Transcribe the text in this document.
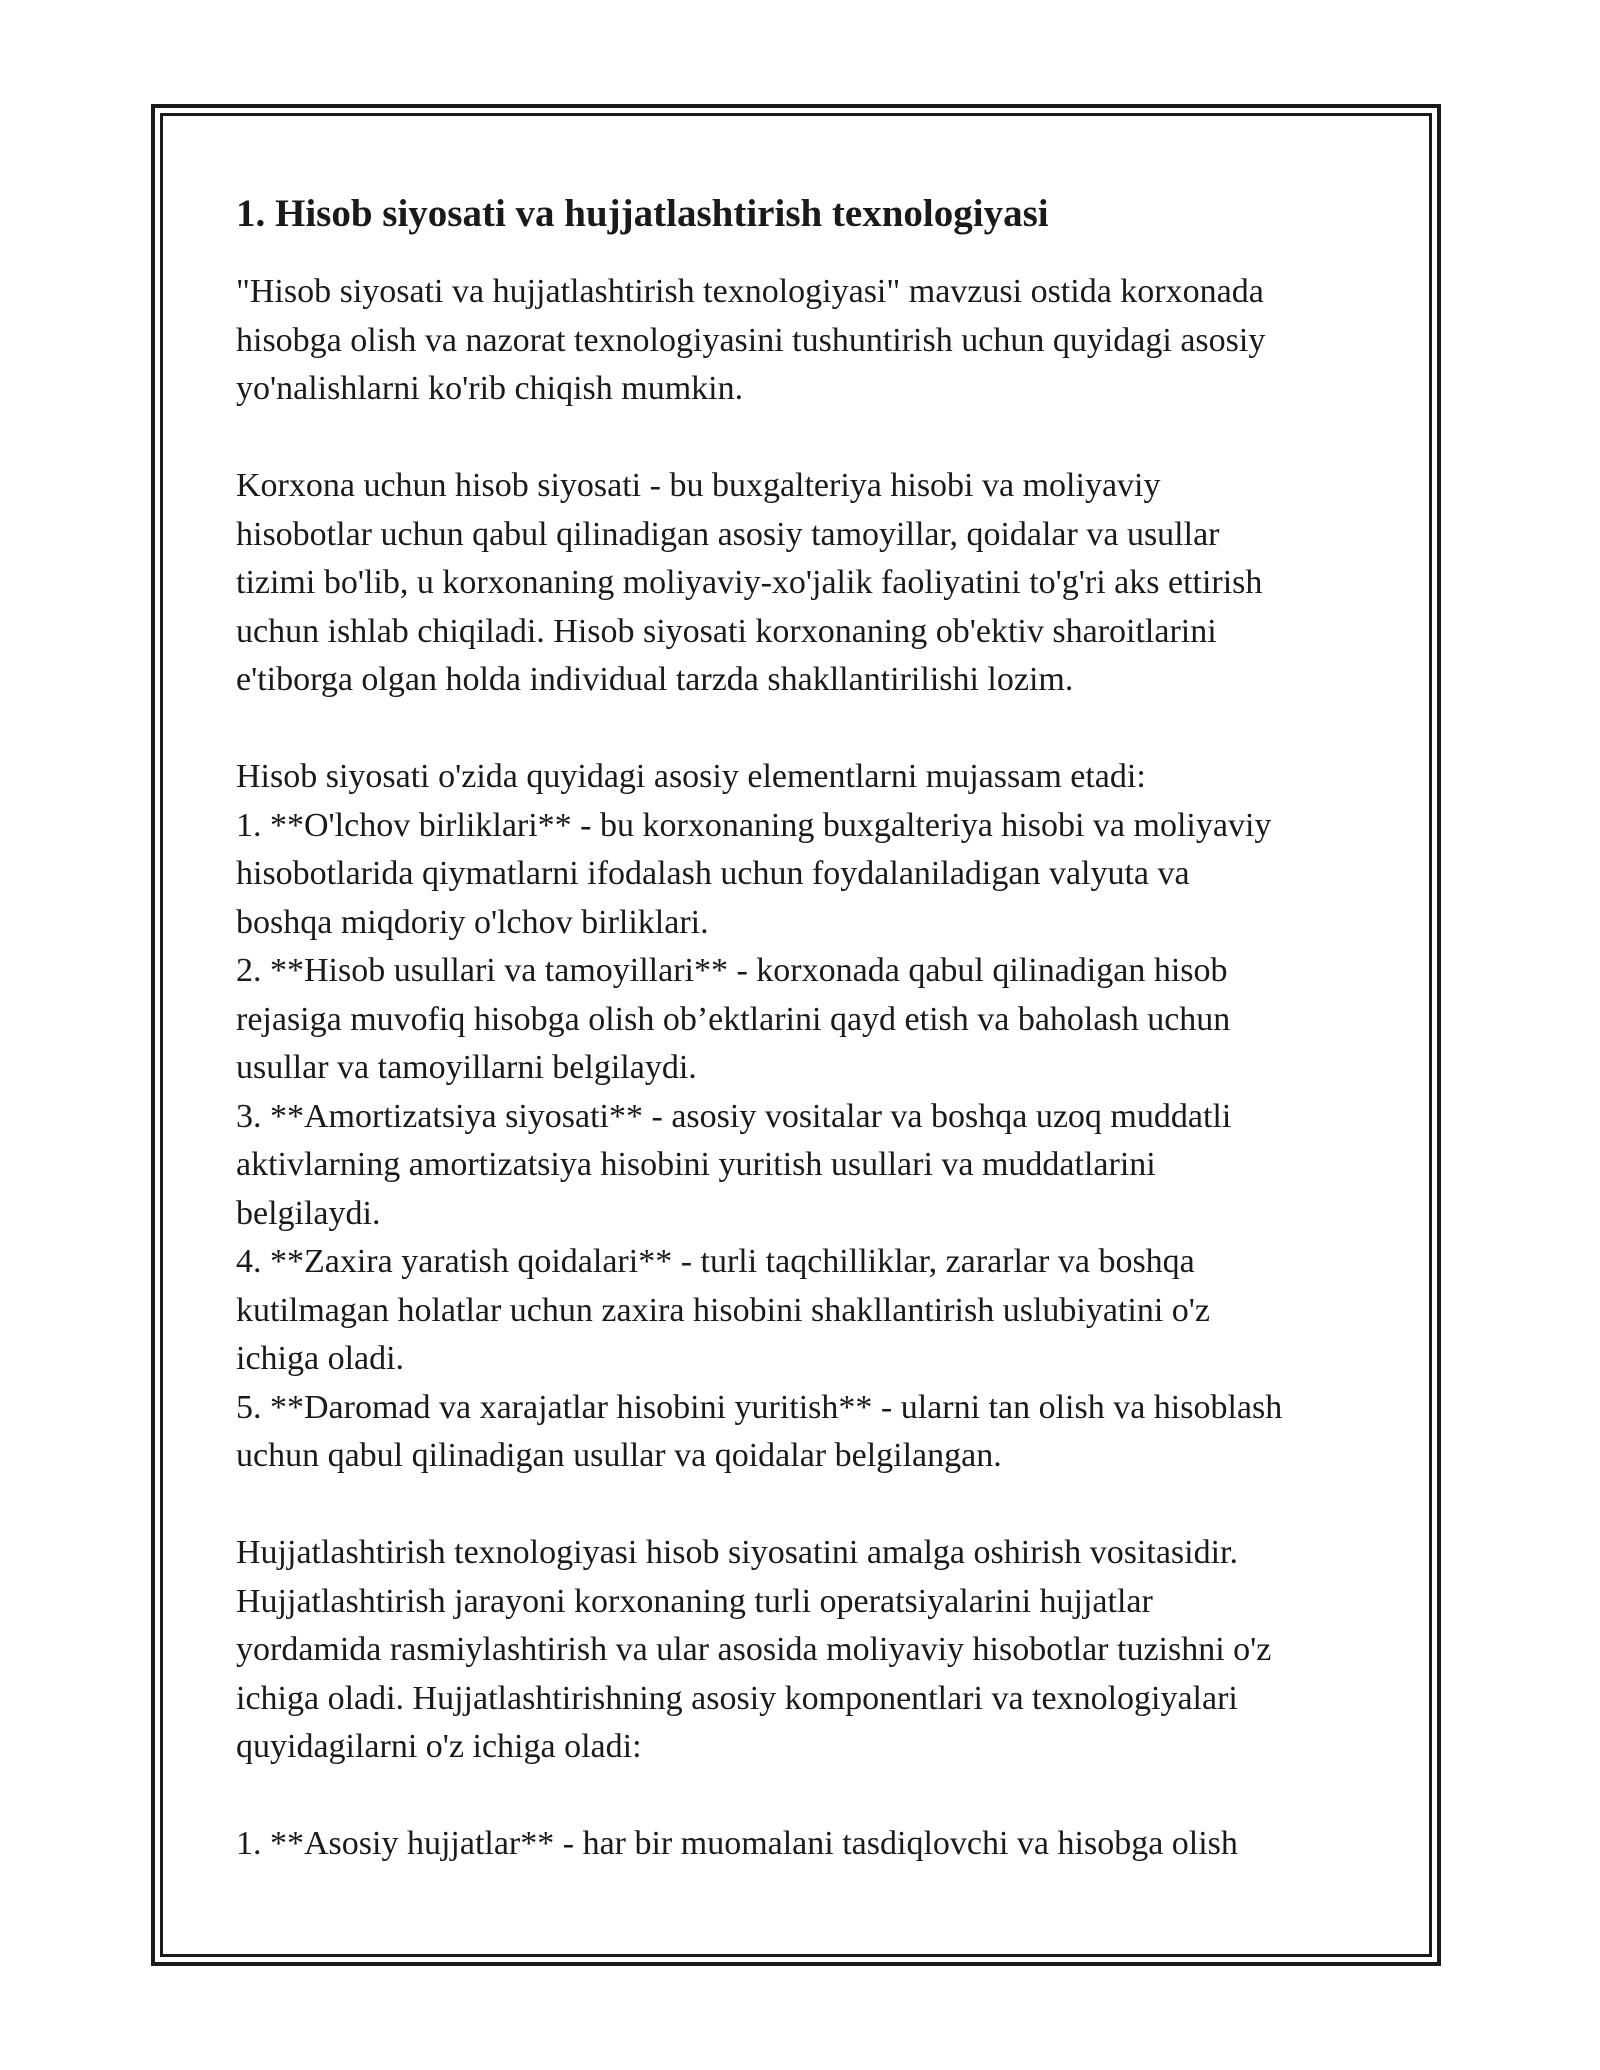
1. Hisob siyosati va hujjatlashtirish texnologiyasi
"Hisob siyosati va hujjatlashtirish texnologiyasi" mavzusi ostida korxonada
hisobga olish va nazorat texnologiyasini tushuntirish uchun quyidagi asosiy
yo'nalishlarni ko'rib chiqish mumkin.
Korxona uchun hisob siyosati - bu buxgalteriya hisobi va moliyaviy
hisobotlar uchun qabul qilinadigan asosiy tamoyillar, qoidalar va usullar
tizimi bo'lib, u korxonaning moliyaviy-xo'jalik faoliyatini to'g'ri aks ettirish
uchun ishlab chiqiladi. Hisob siyosati korxonaning ob'ektiv sharoitlarini
e'tiborga olgan holda individual tarzda shakllantirilishi lozim.
Hisob siyosati o'zida quyidagi asosiy elementlarni mujassam etadi:
1. **O'lchov birliklari** - bu korxonaning buxgalteriya hisobi va moliyaviy
hisobotlarida qiymatlarni ifodalash uchun foydalaniladigan valyuta va
boshqa miqdoriy o'lchov birliklari.
2. **Hisob usullari va tamoyillari** - korxonada qabul qilinadigan hisob
rejasiga muvofiq hisobga olish ob’ektlarini qayd etish va baholash uchun
usullar va tamoyillarni belgilaydi.
3. **Amortizatsiya siyosati** - asosiy vositalar va boshqa uzoq muddatli
aktivlarning amortizatsiya hisobini yuritish usullari va muddatlarini
belgilaydi.
4. **Zaxira yaratish qoidalari** - turli taqchilliklar, zararlar va boshqa
kutilmagan holatlar uchun zaxira hisobini shakllantirish uslubiyatini o'z
ichiga oladi.
5. **Daromad va xarajatlar hisobini yuritish** - ularni tan olish va hisoblash
uchun qabul qilinadigan usullar va qoidalar belgilangan.
Hujjatlashtirish texnologiyasi hisob siyosatini amalga oshirish vositasidir.
Hujjatlashtirish jarayoni korxonaning turli operatsiyalarini hujjatlar
yordamida rasmiylashtirish va ular asosida moliyaviy hisobotlar tuzishni o'z
ichiga oladi. Hujjatlashtirishning asosiy komponentlari va texnologiyalari
quyidagilarni o'z ichiga oladi:
1. **Asosiy hujjatlar** - har bir muomalani tasdiqlovchi va hisobga olish
